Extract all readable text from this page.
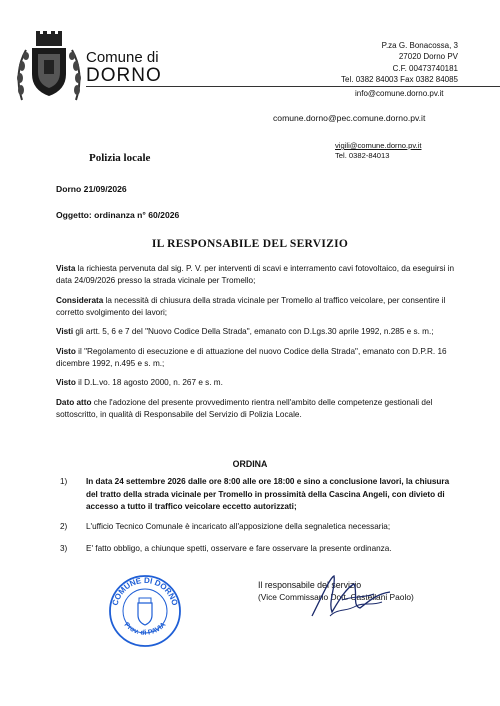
Comune di
DORNO
P.za G. Bonacossa, 3
27020 Dorno PV
C.F. 00473740181
Tel. 0382 84003 Fax 0382 84085
info@comune.dorno.pv.it
comune.dorno@pec.comune.dorno.pv.it
vigili@comune.dorno.pv.it
Tel. 0382-84013
Polizia locale
Dorno 21/09/2026
Oggetto: ordinanza n° 60/2026
IL RESPONSABILE DEL SERVIZIO

Vista la richiesta pervenuta dal sig. P. V. per interventi di scavi e interramento cavi fotovoltaico, da eseguirsi in data 24/09/2026 presso la strada vicinale per Tromello;

Considerata la necessità di chiusura della strada vicinale per Tromello al traffico veicolare, per consentire il corretto svolgimento dei lavori;

Visti gli artt. 5, 6 e 7 del "Nuovo Codice Della Strada", emanato con D.Lgs.30 aprile 1992, n.285 e s. m.;

Visto il "Regolamento di esecuzione e di attuazione del nuovo Codice della Strada", emanato con D.P.R. 16 dicembre 1992, n.495 e s. m.;

Visto il D.L.vo. 18 agosto 2000, n. 267 e s. m.

Dato atto che l'adozione del presente provvedimento rientra nell'ambito delle competenze gestionali del sottoscritto, in qualità di Responsabile del Servizio di Polizia Locale.

ORDINA
1) In data 24 settembre 2026 dalle ore 8:00 alle ore 18:00 e sino a conclusione lavori, la chiusura del tratto della strada vicinale per Tromello in prossimità della Cascina Angeli, con divieto di accesso a tutto il traffico veicolare eccetto autorizzati;
2) L'ufficio Tecnico Comunale è incaricato all'apposizione della segnaletica necessaria;
3) E' fatto obbligo, a chiunque spetti, osservare e fare osservare la presente ordinanza.
COMUNE DI DORNO
Prov. di PAVIA
Il responsabile del servizio
(Vice Commissario Dott. Castellani Paolo)
